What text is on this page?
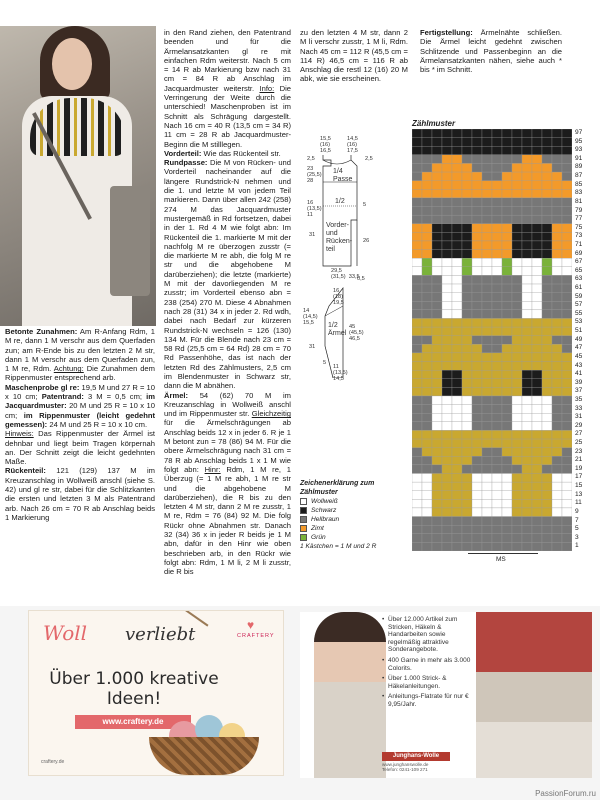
Betonte Zunahmen: Am R-Anfang Rdm, 1 M re, dann 1 M verschr aus dem Querfaden zun; am R-Ende bis zu den letzten 2 M str, dann 1 M verschr aus dem Querfaden zun, 1 M re, Rdm. Achtung: Die Zunahmen dem Rippenmuster entsprechend arb.

Maschenprobe gl re: 19,5 M und 27 R = 10 x 10 cm; Patentrand: 3 M = 0,5 cm; im Jacquardmuster: 20 M und 25 R = 10 x 10 cm; im Rippenmuster (leicht gedehnt gemessen): 24 M und 25 R = 10 x 10 cm.

Hinweis: Das Rippenmuster der Ärmel ist dehnbar und liegt beim Tragen körpernah an. Der Schnitt zeigt die leicht gedehnten Maße.

Rückenteil: 121 (129) 137 M im Kreuzanschlag in Wollweiß anschl (siehe S. 42) und gl re str, dabei für die Schlitzkanten die ersten und letzten 3 M als Patentrand arb. Nach 26 cm = 70 R ab Anschlag beids 1 Markierung

in den Rand ziehen, den Patentrand beenden und für die Ärmelansatzkanten gl re mit einfachen Rdm weiterstr. Nach 5 cm = 14 R ab Markierung bzw nach 31 cm = 84 R ab Anschlag im Jacquardmuster weiterstr. Info: Die Verringerung der Weite durch die unterschied! Maschenproben ist im Schnitt als Schrägung dargestellt. Nach 16 cm = 40 R (13,5 cm = 34 R) 11 cm = 28 R ab Jacquardmuster-Beginn die M stilllegen.

Vorderteil: Wie das Rückenteil str.

Rundpasse: Die M von Rücken- und Vorderteil nacheinander auf die längere Rundstrick-N nehmen und die 1. und letzte M von jedem Teil markieren. Dann über allen 242 (258) 274 M das Jacquardmuster mustergemäß in Rd fortsetzen, dabei in der 1. Rd 4 M wie folgt abn: Im Rückenteil die 1. markierte M mit der nachfolg M re überzogen zusstr (= die markierte M re abh, die folg M re str und die abgehobene M darüberziehen); die letzte (markierte) M mit der davorliegenden M re zusstr; im Vorderteil ebenso abn = 238 (254) 270 M. Diese 4 Abnahmen nach 28 (31) 34 x in jeder 2. Rd wdh, dabei nach Bedarf zur kürzeren Rundstrick-N wechseln = 126 (130) 134 M. Für die Blende nach 23 cm = 58 Rd (25,5 cm = 64 Rd) 28 cm = 70 Rd Passenhöhe, das ist nach der letzten Rd des Zählmusters, 2,5 cm im Blendenmuster in Schwarz str, dann die M abnähen.

Ärmel: 54 (62) 70 M im Kreuzanschlag in Wollweiß anschl und im Rippenmuster str. Gleichzeitig für die Ärmelschrägungen ab Anschlag beids 12 x in jeder 6. R je 1 M betont zun = 78 (86) 94 M. Für die obere Ärmelschrägung nach 31 cm = 78 R ab Anschlag beids 1 x 1 M wie folgt abn: Hinr: Rdm, 1 M re, 1 Überzug (= 1 M re abh, 1 M re str und die abgehobene M darüberziehen), die R bis zu den letzten 4 M str, dann 2 M re zusstr, 1 M re, Rdm = 76 (84) 92 M. Die folg Rückr ohne Abnahmen str. Danach 32 (34) 36 x in jeder R beids je 1 M abn, dafür in den Hinr wie oben beschrieben arb, in den Rückr wie folgt abn: Rdm, 1 M li, 2 M li zusstr, die R bis

zu den letzten 4 M str, dann 2 M li verschr zusstr, 1 M li, Rdm. Nach 45 cm = 112 R (45,5 cm = 114 R) 46,5 cm = 116 R ab Anschlag die restl 12 (16) 20 M abk, wie sie erscheinen.

Fertigstellung: Ärmelnähte schließen. Die Ärmel leicht gedehnt zwischen Schlitzende und Passenbeginn an die Ärmelansatzkanten nähen, siehe auch * bis * im Schnitt.

15,5
(16)
16,5
14,5
(16)
17,5
2,5	2,5
23
(25,5)
28
1/4
Passe
1/2
16
(13,5)
11
5
Vorder-
und
Rücken-
teil
31
26
29,5
(31,5)  33,5
0,5
16
(18)
19,5
14
(14,5)
15,5	1/2
Ärmel
45
(45,5)
46,5
31
5
11
(13,5)
14,5
Zählmuster
97
95
93
91
89
87
85
83
81
79
77
75
73
71
69
67
65
63
61
59
57
55
53
51
49
47
45
43
41
39
37
35
33
31
29
27
25
23
21
19
17
15
13
11
9
7
5
3
1
MS
Zeichenerklärung zum Zählmuster
Wollweiß
Schwarz
Hellbraun
Zimt
Grün
1 Kästchen = 1 M und 2 R
Woll verliebt	♥
CRAFTERY
Über 1.000 kreative Ideen!
www.craftery.de
craftery.de
• Über 12.000 Artikel zum Stricken, Häkeln & Handarbeiten sowie regelmäßig attraktive Sonderangebote.
• 400 Garne in mehr als 3.000 Colorits.
• Über 1.000 Strick- & Häkelanleitungen.
• Anleitungs-Flatrate für nur € 9,95/Jahr.
Junghans-Wolle
www.junghanswolle.de
Telefon: 0241-109 271
PassionForum.ru
